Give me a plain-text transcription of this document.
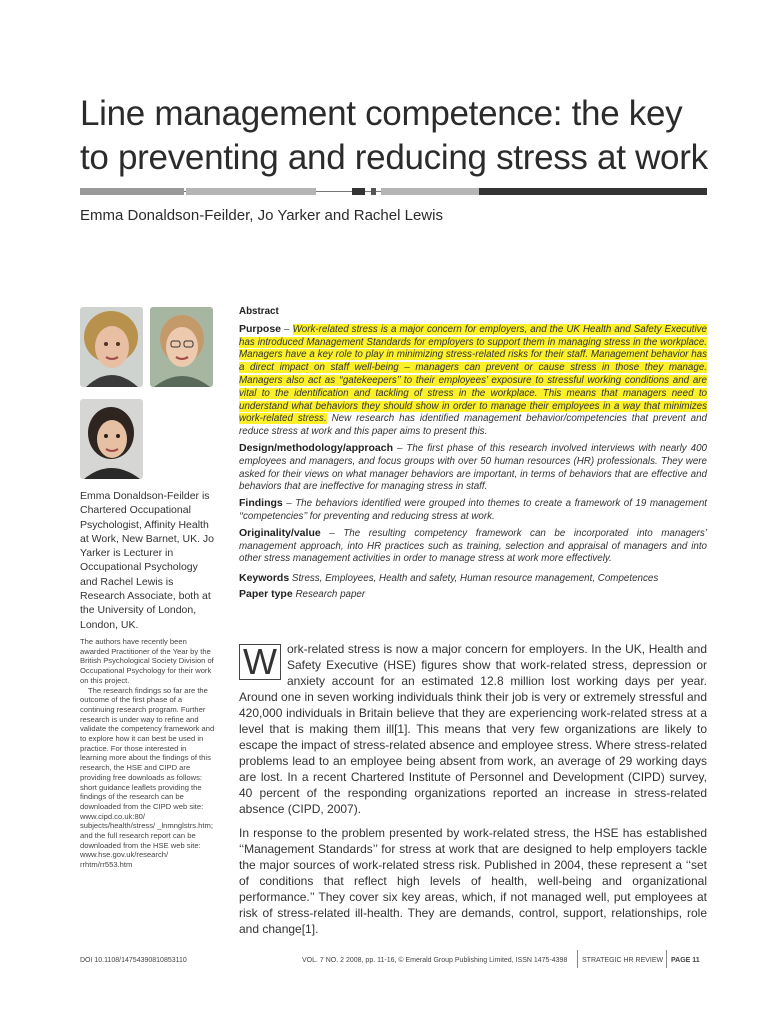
Line management competence: the key to preventing and reducing stress at work
Emma Donaldson-Feilder, Jo Yarker and Rachel Lewis
Emma Donaldson-Feilder is Chartered Occupational Psychologist, Affinity Health at Work, New Barnet, UK. Jo Yarker is Lecturer in Occupational Psychology and Rachel Lewis is Research Associate, both at the University of London, London, UK.

The authors have recently been awarded Practitioner of the Year by the British Psychological Society Division of Occupational Psychology for their work on this project.

The research findings so far are the outcome of the first phase of a continuing research program. Further research is under way to refine and validate the competency framework and to explore how it can best be used in practice. For those interested in learning more about the findings of this research, the HSE and CIPD are providing free downloads as follows: short guidance leaflets providing the findings of the research can be downloaded from the CIPD web site: www.cipd.co.uk:80/ subjects/health/stress/ _lnmnglstrs.htm; and the full research report can be downloaded from the HSE web site: www.hse.gov.uk/research/ rrhtm/rr553.htm

Abstract

Purpose – Work-related stress is a major concern for employers, and the UK Health and Safety Executive has introduced Management Standards for employers to support them in managing stress in the workplace. Managers have a key role to play in minimizing stress-related risks for their staff. Management behavior has a direct impact on staff well-being – managers can prevent or cause stress in those they manage. Managers also act as ‘‘gatekeepers’’ to their employees’ exposure to stressful working conditions and are vital to the identification and tackling of stress in the workplace. This means that managers need to understand what behaviors they should show in order to manage their employees in a way that minimizes work-related stress. New research has identified management behavior/competencies that prevent and reduce stress at work and this paper aims to present this.

Design/methodology/approach – The first phase of this research involved interviews with nearly 400 employees and managers, and focus groups with over 50 human resources (HR) professionals. They were asked for their views on what manager behaviors are important, in terms of behaviors that are effective and behaviors that are ineffective for managing stress in staff.

Findings – The behaviors identified were grouped into themes to create a framework of 19 management ‘‘competencies’’ for preventing and reducing stress at work.

Originality/value – The resulting competency framework can be incorporated into managers’ management approach, into HR practices such as training, selection and appraisal of managers and into other stress management activities in order to manage stress at work more effectively.

Keywords Stress, Employees, Health and safety, Human resource management, Competences

Paper type Research paper

W ork-related stress is now a major concern for employers. In the UK, Health and Safety Executive (HSE) figures show that work-related stress, depression or anxiety account for an estimated 12.8 million lost working days per year. Around one in seven working individuals think their job is very or extremely stressful and 420,000 individuals in Britain believe that they are experiencing work-related stress at a level that is making them ill[1]. This means that very few organizations are likely to escape the impact of stress-related absence and employee stress. Where stress-related problems lead to an employee being absent from work, an average of 29 working days are lost. In a recent Chartered Institute of Personnel and Development (CIPD) survey, 40 percent of the responding organizations reported an increase in stress-related absence (CIPD, 2007).

In response to the problem presented by work-related stress, the HSE has established ‘‘Management Standards’’ for stress at work that are designed to help employers tackle the major sources of work-related stress risk. Published in 2004, these represent a ‘‘set of conditions that reflect high levels of health, well-being and organizational performance.’’ They cover six key areas, which, if not managed well, put employees at risk of stress-related ill-health. They are demands, control, support, relationships, role and change[1].

DOI 10.1108/14754390810853110	VOL. 7 NO. 2 2008, pp. 11-16, © Emerald Group Publishing Limited, ISSN 1475-4398 STRATEGIC HR REVIEW PAGE 11
